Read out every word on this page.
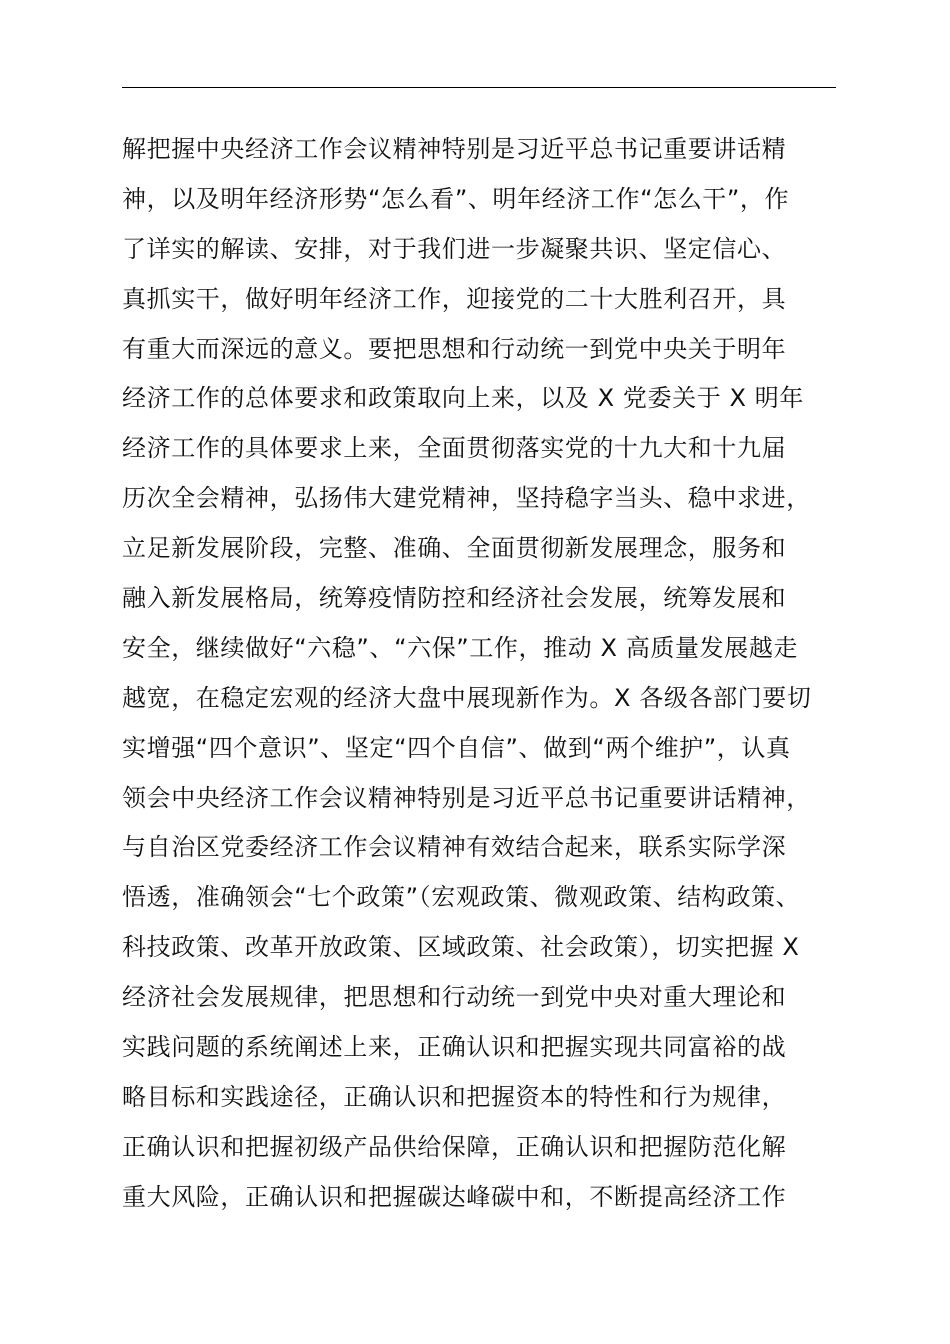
解把握中央经济工作会议精神特别是习近平总书记重要讲话精
神，以及明年经济形势“怎么看”、明年经济工作“怎么干”，作
了详实的解读、安排，对于我们进一步凝聚共识、坚定信心、
真抓实干，做好明年经济工作，迎接党的二十大胜利召开，具
有重大而深远的意义。要把思想和行动统一到党中央关于明年
经济工作的总体要求和政策取向上来，以及 X 党委关于 X 明年
经济工作的具体要求上来，全面贯彻落实党的十九大和十九届
历次全会精神，弘扬伟大建党精神，坚持稳字当头、稳中求进，
立足新发展阶段，完整、准确、全面贯彻新发展理念，服务和
融入新发展格局，统筹疫情防控和经济社会发展，统筹发展和
安全，继续做好“六稳”、“六保”工作，推动 X 高质量发展越走
越宽，在稳定宏观的经济大盘中展现新作为。X 各级各部门要切
实增强“四个意识”、坚定“四个自信”、做到“两个维护”，认真
领会中央经济工作会议精神特别是习近平总书记重要讲话精神，
与自治区党委经济工作会议精神有效结合起来，联系实际学深
悟透，准确领会“七个政策”（宏观政策、微观政策、结构政策、
科技政策、改革开放政策、区域政策、社会政策），切实把握 X
经济社会发展规律，把思想和行动统一到党中央对重大理论和
实践问题的系统阐述上来，正确认识和把握实现共同富裕的战
略目标和实践途径，正确认识和把握资本的特性和行为规律，
正确认识和把握初级产品供给保障，正确认识和把握防范化解
重大风险，正确认识和把握碳达峰碳中和，不断提高经济工作
